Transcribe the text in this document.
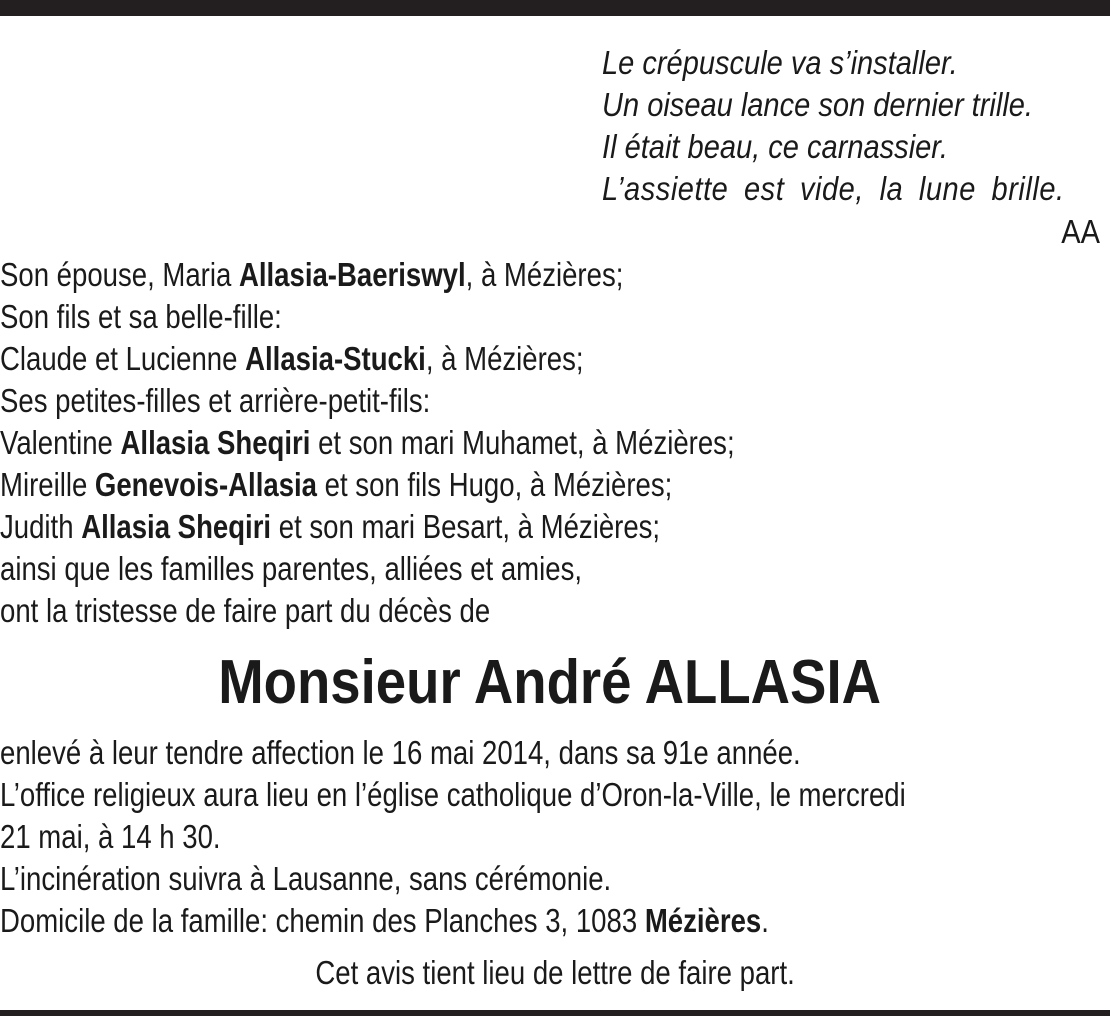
Le crépuscule va s’installer.
Un oiseau lance son dernier trille.
Il était beau, ce carnassier.
L’assiette est vide, la lune brille.
AA
Son épouse, Maria Allasia-Baeriswyl, à Mézières;
Son fils et sa belle-fille:
Claude et Lucienne Allasia-Stucki, à Mézières;
Ses petites-filles et arrière-petit-fils:
Valentine Allasia Sheqiri et son mari Muhamet, à Mézières;
Mireille Genevois-Allasia et son fils Hugo, à Mézières;
Judith Allasia Sheqiri et son mari Besart, à Mézières;
ainsi que les familles parentes, alliées et amies,
ont la tristesse de faire part du décès de
Monsieur André ALLASIA
enlevé à leur tendre affection le 16 mai 2014, dans sa 91e année.
L’office religieux aura lieu en l’église catholique d’Oron-la-Ville, le mercredi
21 mai, à 14 h 30.
L’incinération suivra à Lausanne, sans cérémonie.
Domicile de la famille: chemin des Planches 3, 1083 Mézières.
Cet avis tient lieu de lettre de faire part.
